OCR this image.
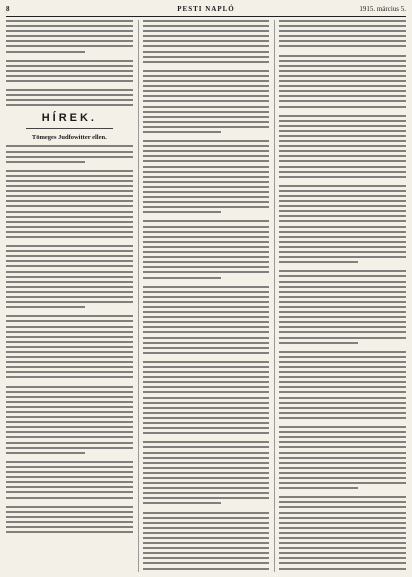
8	PESTI NAPLÓ	1915. március 5.
HÍREK.
Tömeges Judfowitter ellen.
